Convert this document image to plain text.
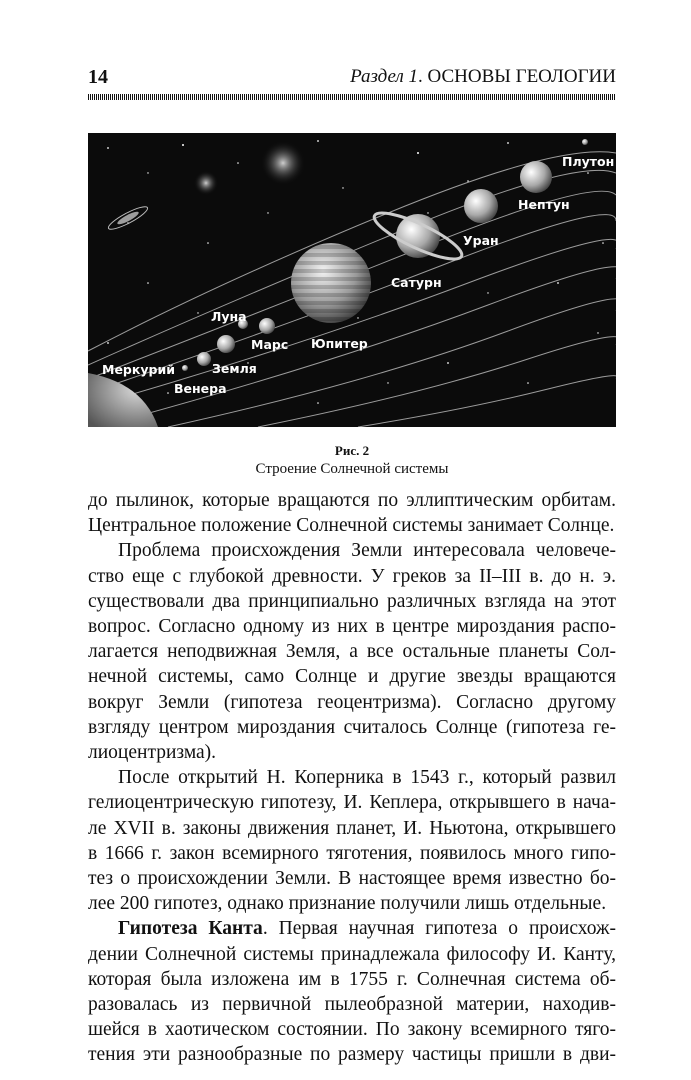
14	Раздел 1. ОСНОВЫ ГЕОЛОГИИ
Плутон
Нептун
Уран
Сатурн
Юпитер
Луна
Марс
Земля
Меркурий
Венера
Рис. 2
Строение Солнечной системы

до пылинок, которые вращаются по эллиптическим орбитам.

Центральное положение Солнечной системы занимает Солнце.

Проблема происхождения Земли интересовала человече-

ство еще с глубокой древности. У греков за II–III в. до н. э.

существовали два принципиально различных взгляда на этот

вопрос. Согласно одному из них в центре мироздания распо-

лагается неподвижная Земля, а все остальные планеты Сол-

нечной системы, само Солнце и другие звезды вращаются

вокруг Земли (гипотеза геоцентризма). Согласно другому

взгляду центром мироздания считалось Солнце (гипотеза ге-

лиоцентризма).

После открытий Н. Коперника в 1543 г., который развил

гелиоцентрическую гипотезу, И. Кеплера, открывшего в нача-

ле XVII в. законы движения планет, И. Ньютона, открывшего

в 1666 г. закон всемирного тяготения, появилось много гипо-

тез о происхождении Земли. В настоящее время известно бо-

лее 200 гипотез, однако признание получили лишь отдельные.

Гипотеза Канта. Первая научная гипотеза о происхож-

дении Солнечной системы принадлежала философу И. Канту,

которая была изложена им в 1755 г. Солнечная система об-

разовалась из первичной пылеобразной материи, находив-

шейся в хаотическом состоянии. По закону всемирного тяго-

тения эти разнообразные по размеру частицы пришли в дви-
